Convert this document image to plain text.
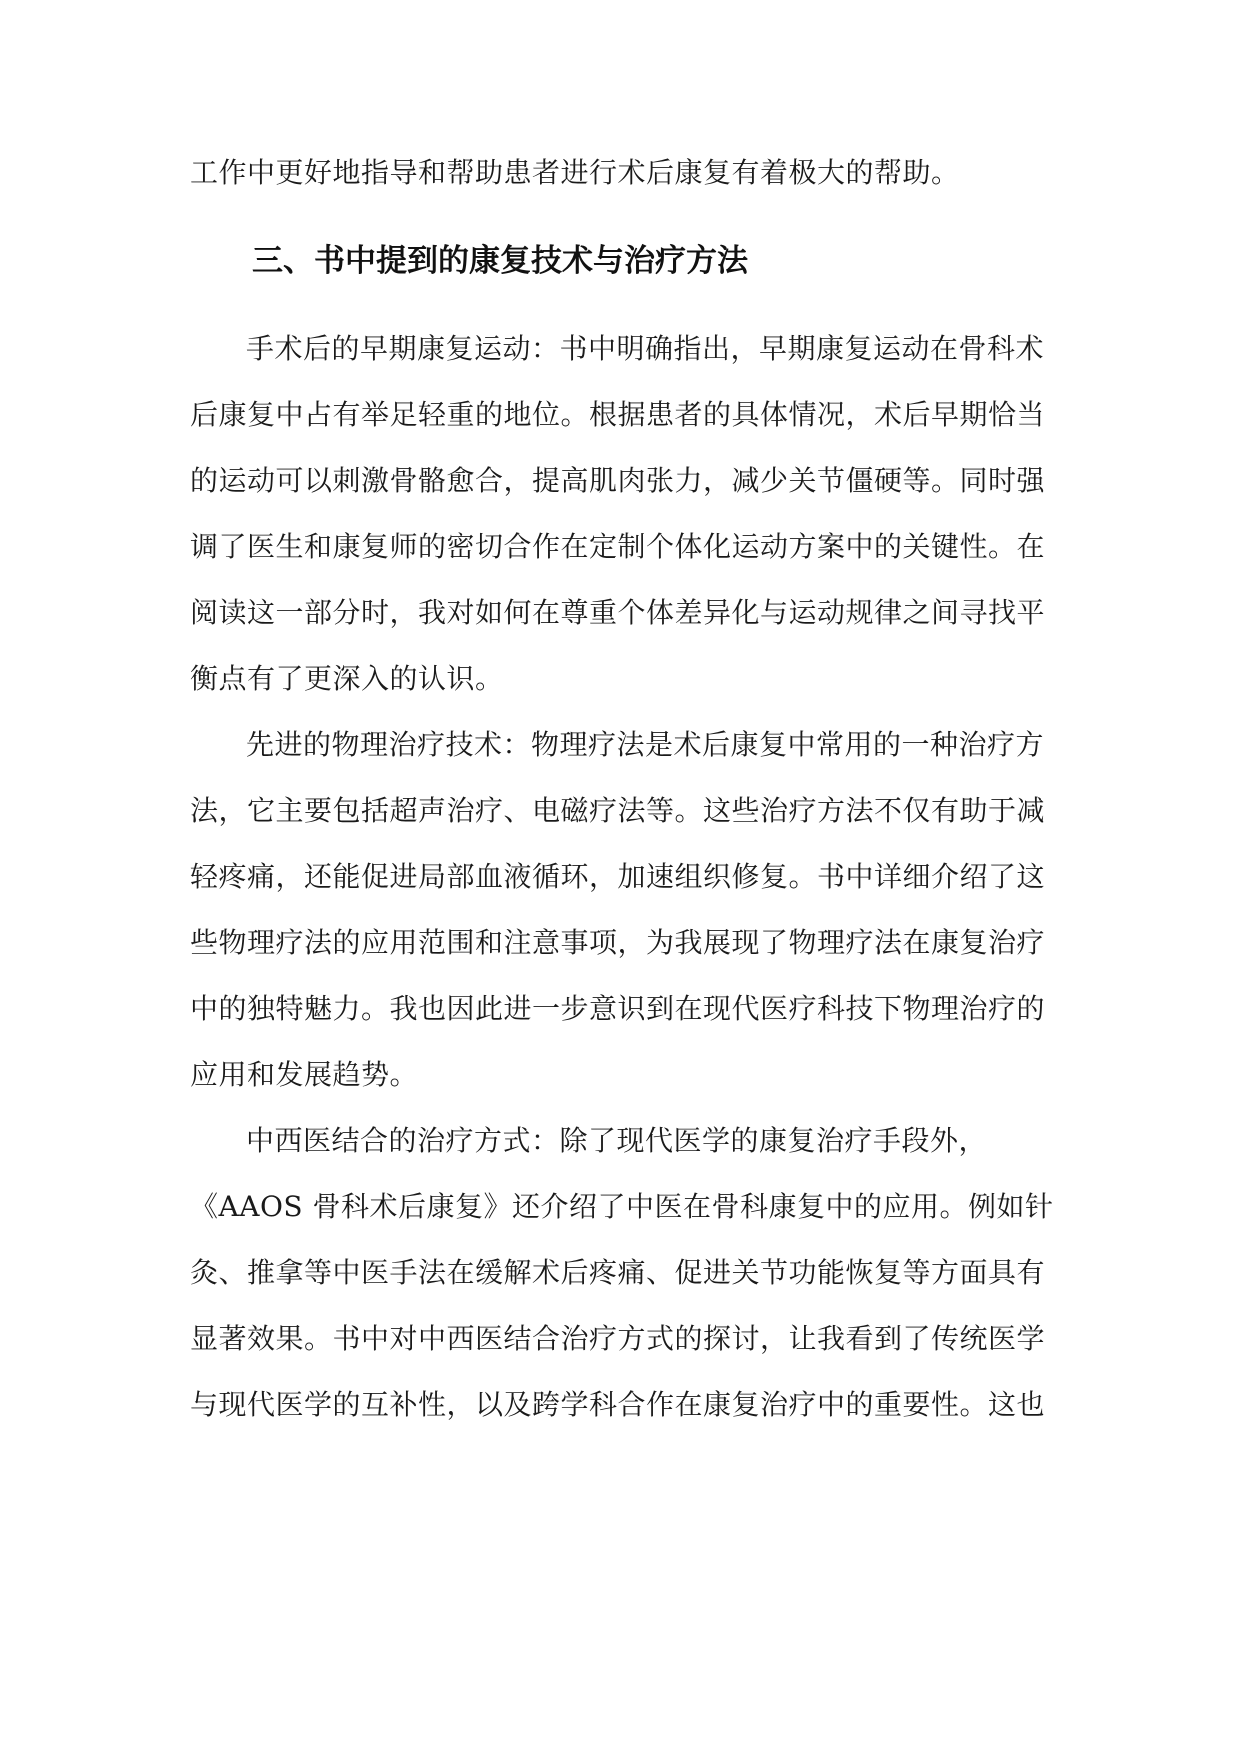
工作中更好地指导和帮助患者进行术后康复有着极大的帮助。
三、书中提到的康复技术与治疗方法
手术后的早期康复运动：书中明确指出，早期康复运动在骨科术
后康复中占有举足轻重的地位。根据患者的具体情况，术后早期恰当
的运动可以刺激骨骼愈合，提高肌肉张力，减少关节僵硬等。同时强
调了医生和康复师的密切合作在定制个体化运动方案中的关键性。在
阅读这一部分时，我对如何在尊重个体差异化与运动规律之间寻找平
衡点有了更深入的认识。
先进的物理治疗技术：物理疗法是术后康复中常用的一种治疗方
法，它主要包括超声治疗、电磁疗法等。这些治疗方法不仅有助于减
轻疼痛，还能促进局部血液循环，加速组织修复。书中详细介绍了这
些物理疗法的应用范围和注意事项，为我展现了物理疗法在康复治疗
中的独特魅力。我也因此进一步意识到在现代医疗科技下物理治疗的
应用和发展趋势。
中西医结合的治疗方式：除了现代医学的康复治疗手段外，
《AAOS 骨科术后康复》还介绍了中医在骨科康复中的应用。例如针
灸、推拿等中医手法在缓解术后疼痛、促进关节功能恢复等方面具有
显著效果。书中对中西医结合治疗方式的探讨，让我看到了传统医学
与现代医学的互补性，以及跨学科合作在康复治疗中的重要性。这也
